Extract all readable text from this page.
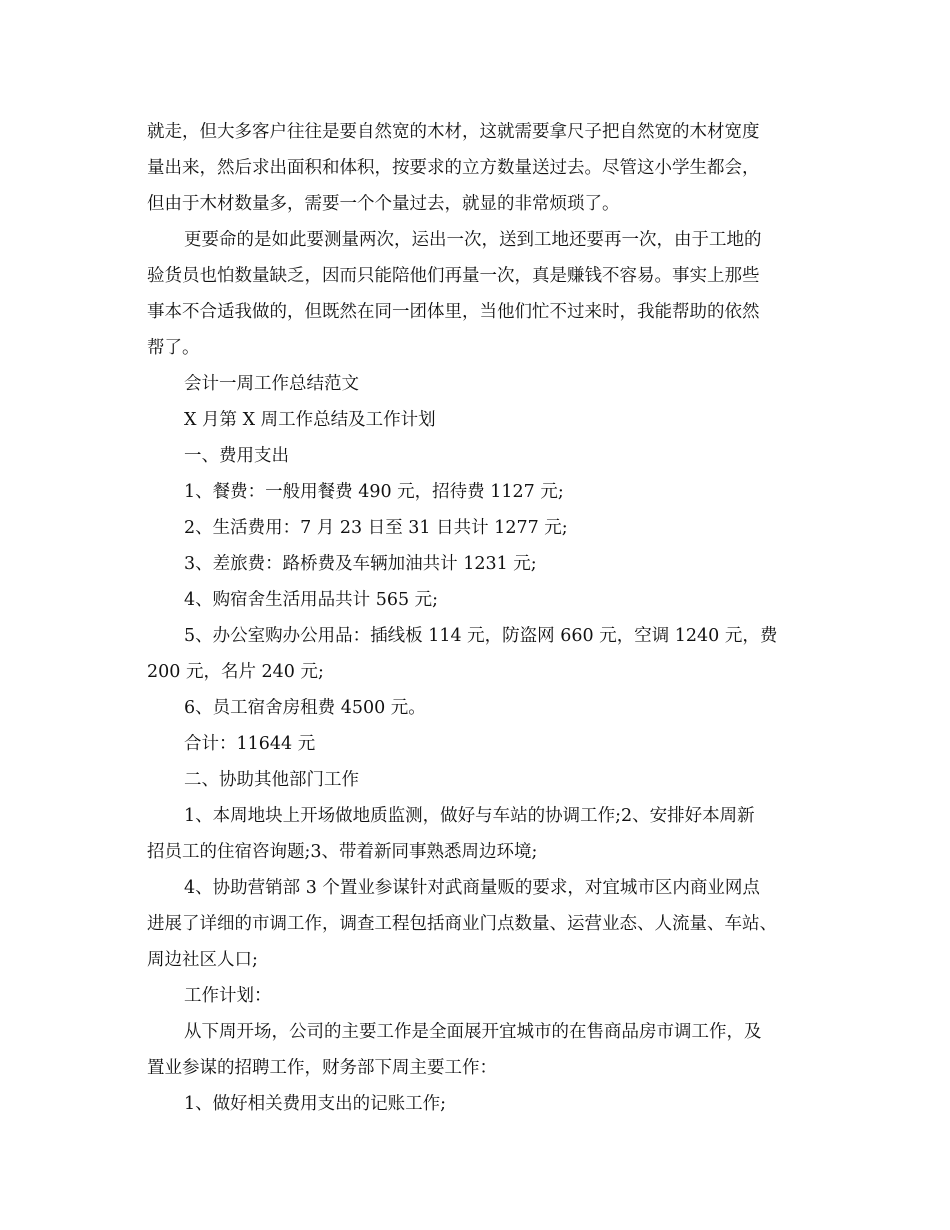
就走，但大多客户往往是要自然宽的木材，这就需要拿尺子把自然宽的木材宽度
量出来，然后求出面积和体积，按要求的立方数量送过去。尽管这小学生都会，
但由于木材数量多，需要一个个量过去，就显的非常烦琐了。
更要命的是如此要测量两次，运出一次，送到工地还要再一次，由于工地的
验货员也怕数量缺乏，因而只能陪他们再量一次，真是赚钱不容易。事实上那些
事本不合适我做的，但既然在同一团体里，当他们忙不过来时，我能帮助的依然
帮了。
会计一周工作总结范文
X 月第 X 周工作总结及工作计划
一、费用支出
1、餐费：一般用餐费 490 元，招待费 1127 元;
2、生活费用：7 月 23 日至 31 日共计 1277 元;
3、差旅费：路桥费及车辆加油共计 1231 元;
4、购宿舍生活用品共计 565 元;
5、办公室购办公用品：插线板 114 元，防盗网 660 元，空调 1240 元，费
200 元，名片 240 元;
6、员工宿舍房租费 4500 元。
合计：11644 元
二、协助其他部门工作
1、本周地块上开场做地质监测，做好与车站的协调工作;2、安排好本周新
招员工的住宿咨询题;3、带着新同事熟悉周边环境;
4、协助营销部 3 个置业参谋针对武商量贩的要求，对宜城市区内商业网点
进展了详细的市调工作，调查工程包括商业门点数量、运营业态、人流量、车站、
周边社区人口;
工作计划：
从下周开场，公司的主要工作是全面展开宜城市的在售商品房市调工作，及
置业参谋的招聘工作，财务部下周主要工作：
1、做好相关费用支出的记账工作;
